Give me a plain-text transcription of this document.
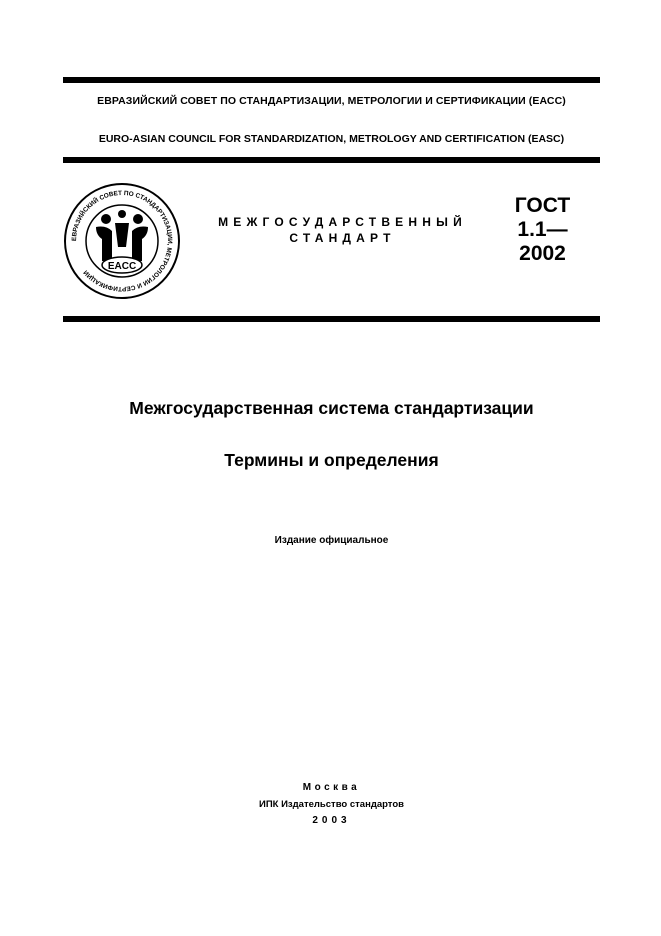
ЕВРАЗИЙСКИЙ СОВЕТ ПО СТАНДАРТИЗАЦИИ, МЕТРОЛОГИИ И СЕРТИФИКАЦИИ (ЕАСС)
EURO-ASIAN COUNCIL FOR STANDARDIZATION, METROLOGY AND CERTIFICATION (EASC)
ЕВРАЗИЙСКИЙ СОВЕТ ПО СТАНДАРТИЗАЦИИ, МЕТРОЛОГИИ И СЕРТИФИКАЦИИ
EACC
МЕЖГОСУДАРСТВЕННЫЙ
СТАНДАРТ
ГОСТ
1.1—
2002
Межгосударственная система стандартизации
Термины и определения
Издание официальное
Москва
ИПК Издательство стандартов
2003
